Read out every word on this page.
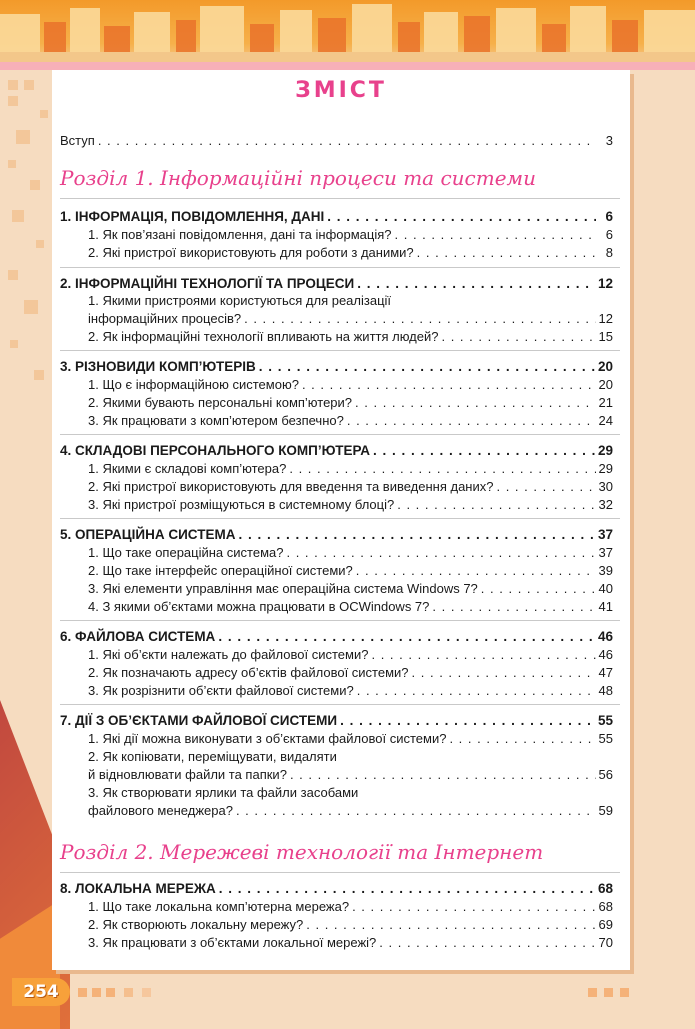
ЗМІСТ
Вступ . . .	3
Розділ 1. Інформаційні процеси та системи
1. ІНФОРМАЦІЯ, ПОВІДОМЛЕННЯ, ДАНІ . . .	6
1. Як пов’язані повідомлення, дані та інформація? . . .	6
2. Які пристрої використовують для роботи з даними? . . .	8
2. ІНФОРМАЦІЙНІ ТЕХНОЛОГІЇ ТА ПРОЦЕСИ . . .	12
1. Якими пристроями користуються для реалізації
інформаційних процесів? . . .	12
2. Як інформаційні технології впливають на життя людей? . . .	15
3. РІЗНОВИДИ КОМП’ЮТЕРІВ . . .	20
1. Що є інформаційною системою? . . .	20
2. Якими бувають персональні комп’ютери? . . .	21
3. Як працювати з комп’ютером безпечно? . . .	24
4. СКЛАДОВІ ПЕРСОНАЛЬНОГО КОМП’ЮТЕРА . . .	29
1. Якими є складові комп’ютера? . . .	29
2. Які пристрої використовують для введення та виведення даних? . . .	30
3. Які пристрої розміщуються в системному блоці? . . .	32
5. ОПЕРАЦІЙНА СИСТЕМА . . .	37
1. Що таке операційна система? . . .	37
2. Що таке інтерфейс операційної системи? . . .	39
3. Які елементи управління має операційна система Windows 7? . . .	40
4. З якими об’єктами можна працювати в ОСWindows 7? . . .	41
6. ФАЙЛОВА СИСТЕМА . . .	46
1. Які об’єкти належать до файлової системи? . . .	46
2. Як позначають адресу об’єктів файлової системи? . . .	47
3. Як розрізнити об’єкти файлової системи? . . .	48
7. ДІЇ З ОБ’ЄКТАМИ ФАЙЛОВОЇ СИСТЕМИ . . .	55
1. Які дії можна виконувати з об’єктами файлової системи? . . .	55
2. Як копіювати, переміщувати, видаляти
й відновлювати файли та папки? . . .	56
3. Як створювати ярлики та файли засобами
файлового менеджера? . . .	59
Розділ 2. Мережеві технології та Інтернет
8. ЛОКАЛЬНА МЕРЕЖА . . .	68
1. Що таке локальна комп’ютерна мережа? . . .	68
2. Як створюють локальну мережу? . . .	69
3. Як працювати з об’єктами локальної мережі? . . .	70
254
